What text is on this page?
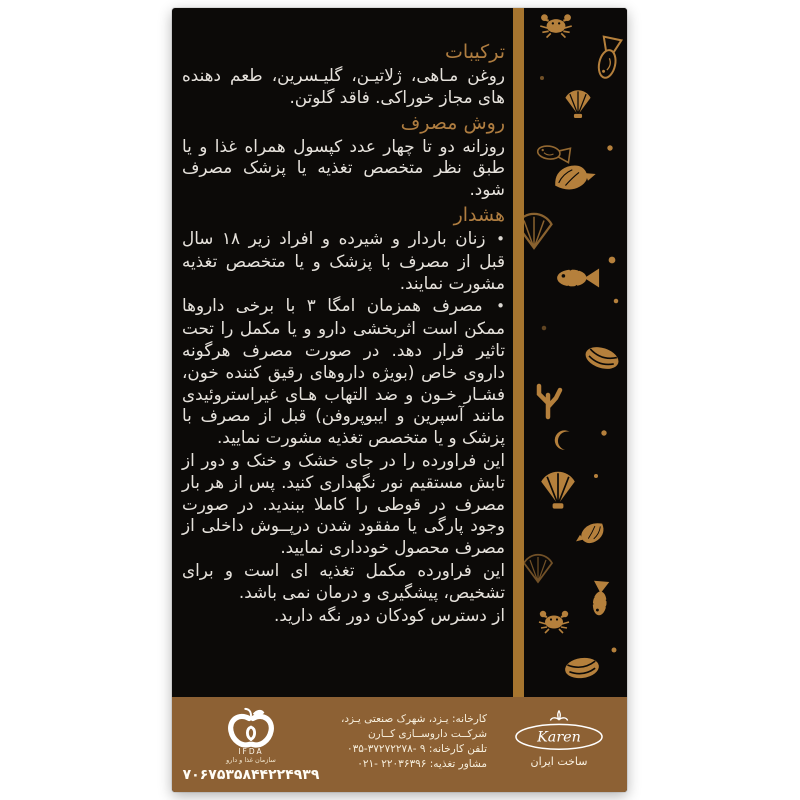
ترکیبات

روغن مـاهی، ژلاتیـن، گلیـسرین، طعم دهنده های مجاز خوراکی. فاقد گلوتن.

روش مصرف

روزانه دو تا چهار عدد کپسول همراه غذا و یا طبق نظر متخصص تغذیه یا پزشک مصرف شود.

هشدار

• زنان باردار و شیرده و افراد زیر ۱۸ سال قبل از مصرف با پزشک و یا متخصص تغذیه مشورت نمایند.

• مصرف همزمان امگا ۳ با برخی داروها ممکن است اثربخشی دارو و یا مکمل را تحت تاثیر قرار دهد. در صورت مصرف هرگونه داروی خاص (بویژه داروهای رقیق کننده خون، فشـار خـون و ضد التهاب هـای غیراستروئیدی مانند آسپرین و ایبوپروفن) قبل از مصرف با پزشک و یا متخصص تغذیه مشورت نمایید.

این فراورده را در جای خشک و خنک و دور از تابش مستقیم نور نگهداری کنید. پس از هر بار مصرف در قوطی را کاملا ببندید. در صورت وجود پارگی یا مفقود شدن درپــوش داخلی از مصرف محصول خودداری نمایید.

این فراورده مکمل تغذیه ای است و برای تشخیص، پیشگیری و درمان نمی باشد.

از دسترس کودکان دور نگه دارید.

IFDA
سازمان غذا و دارو
۷۰۶۷۵۳۵۸۴۴۲۲۴۹۳۹
کارخانه: یـزد، شهرک صنعتی یـزد،
شرکــت داروســازی کــارن
تلفن کارخانه: ۹ -۳۷۲۷۲۲۷۸-۰۳۵
مشاور تغذیه: ۲۲۰۳۶۳۹۶ -۰۲۱
Karen
ساخت ایران
